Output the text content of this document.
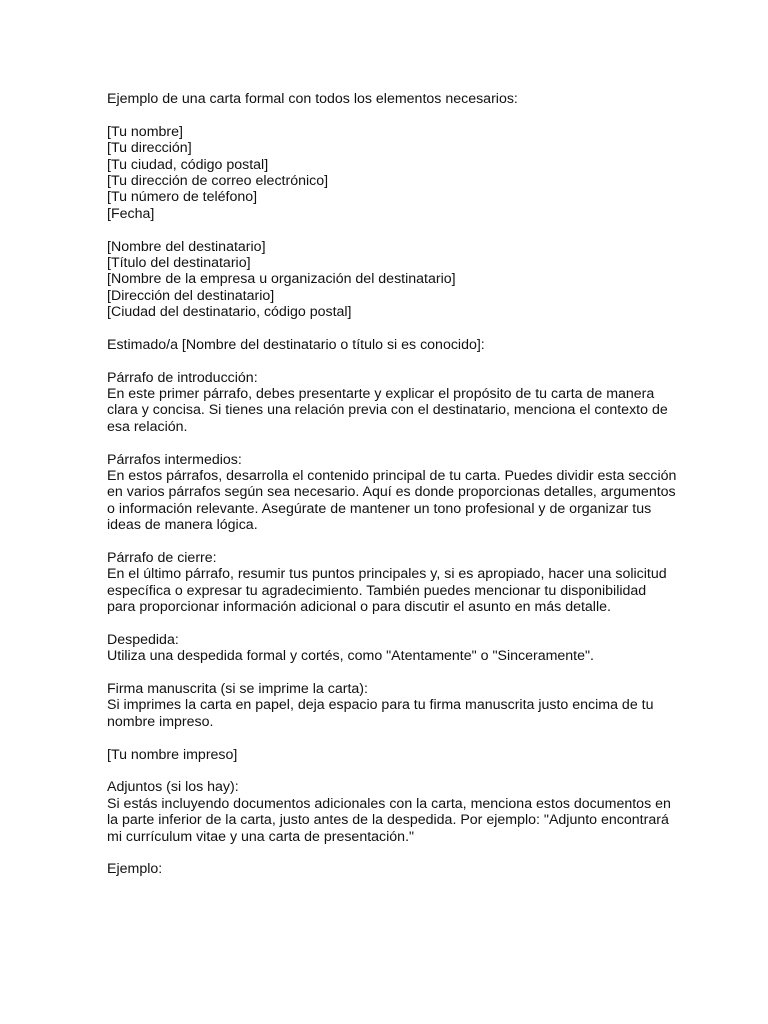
Ejemplo de una carta formal con todos los elementos necesarios:
[Tu nombre]
[Tu dirección]
[Tu ciudad, código postal]
[Tu dirección de correo electrónico]
[Tu número de teléfono]
[Fecha]
[Nombre del destinatario]
[Título del destinatario]
[Nombre de la empresa u organización del destinatario]
[Dirección del destinatario]
[Ciudad del destinatario, código postal]
Estimado/a [Nombre del destinatario o título si es conocido]:
Párrafo de introducción:
En este primer párrafo, debes presentarte y explicar el propósito de tu carta de manera
clara y concisa. Si tienes una relación previa con el destinatario, menciona el contexto de
esa relación.
Párrafos intermedios:
En estos párrafos, desarrolla el contenido principal de tu carta. Puedes dividir esta sección
en varios párrafos según sea necesario. Aquí es donde proporcionas detalles, argumentos
o información relevante. Asegúrate de mantener un tono profesional y de organizar tus
ideas de manera lógica.
Párrafo de cierre:
En el último párrafo, resumir tus puntos principales y, si es apropiado, hacer una solicitud
específica o expresar tu agradecimiento. También puedes mencionar tu disponibilidad
para proporcionar información adicional o para discutir el asunto en más detalle.
Despedida:
Utiliza una despedida formal y cortés, como "Atentamente" o "Sinceramente".
Firma manuscrita (si se imprime la carta):
Si imprimes la carta en papel, deja espacio para tu firma manuscrita justo encima de tu
nombre impreso.
[Tu nombre impreso]
Adjuntos (si los hay):
Si estás incluyendo documentos adicionales con la carta, menciona estos documentos en
la parte inferior de la carta, justo antes de la despedida. Por ejemplo: "Adjunto encontrará
mi currículum vitae y una carta de presentación."
Ejemplo:
